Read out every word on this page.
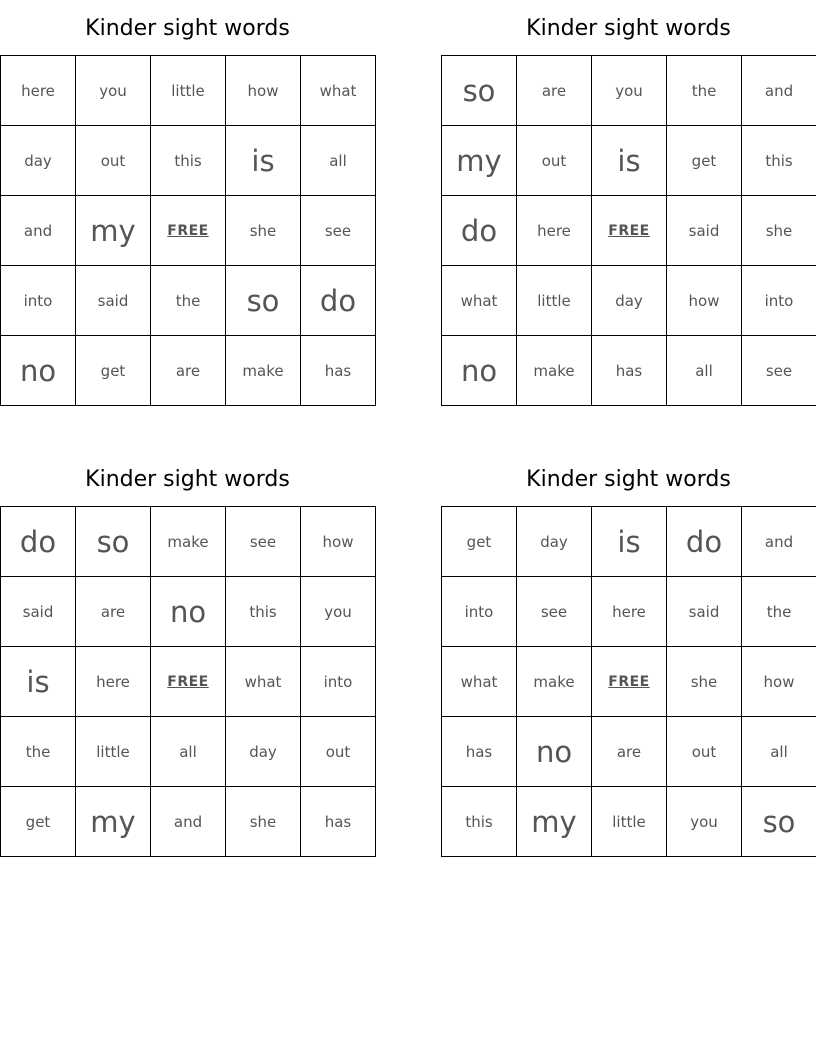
Kinder sight words
here	you	little	how	what
day	out	this	is	all
and	my	FREE	she	see
into	said	the	so	do
no	get	are	make	has
Kinder sight words
so	are	you	the	and
my	out	is	get	this
do	here	FREE	said	she
what	little	day	how	into
no	make	has	all	see
Kinder sight words
do	so	make	see	how
said	are	no	this	you
is	here	FREE	what	into
the	little	all	day	out
get	my	and	she	has
Kinder sight words
get	day	is	do	and
into	see	here	said	the
what	make	FREE	she	how
has	no	are	out	all
this	my	little	you	so
